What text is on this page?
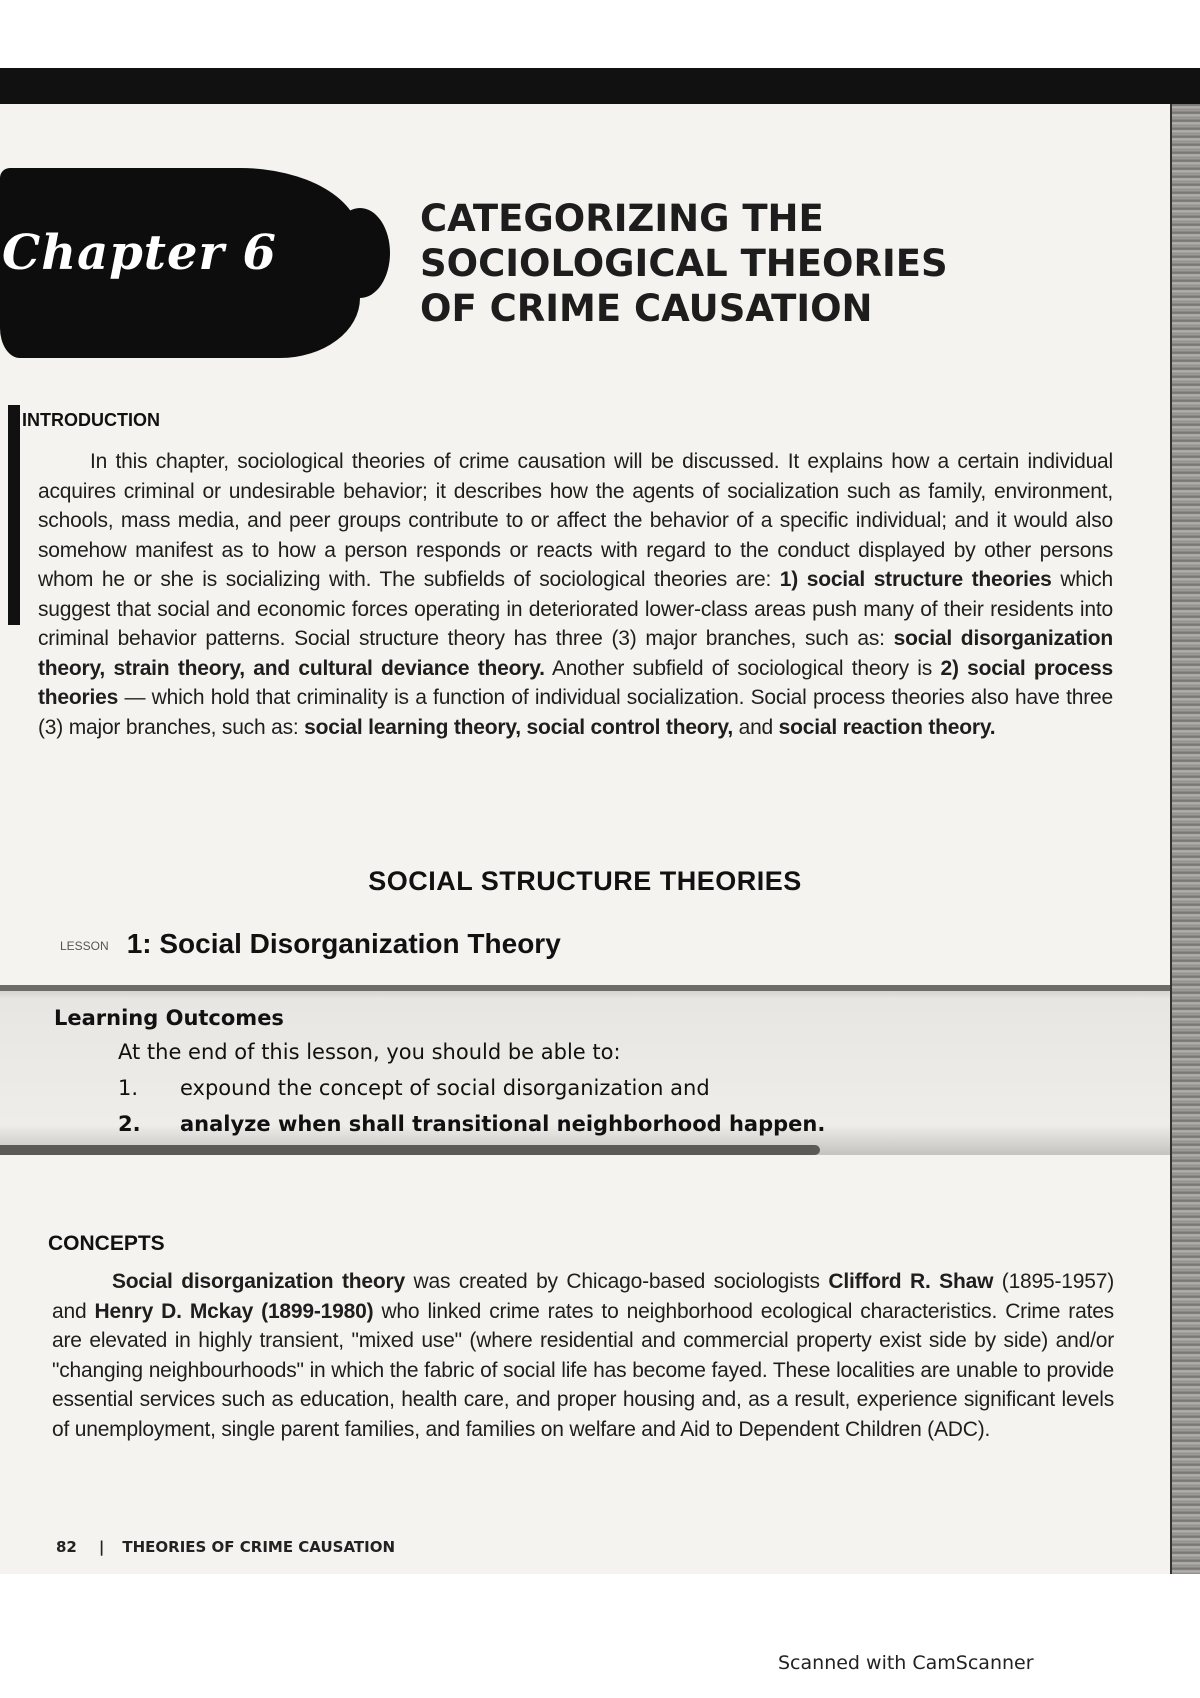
Chapter 6
CATEGORIZING THE
SOCIOLOGICAL THEORIES
OF CRIME CAUSATION
INTRODUCTION
In this chapter, sociological theories of crime causation will be discussed. It explains how a certain individual acquires criminal or undesirable behavior; it describes how the agents of socialization such as family, environment, schools, mass media, and peer groups contribute to or affect the behavior of a specific individual; and it would also somehow manifest as to how a person responds or reacts with regard to the conduct displayed by other persons whom he or she is socializing with. The subfields of sociological theories are: 1) social structure theories which suggest that social and economic forces operating in deteriorated lower-class areas push many of their residents into criminal behavior patterns. Social structure theory has three (3) major branches, such as: social disorganization theory, strain theory, and cultural deviance theory. Another subfield of sociological theory is 2) social process theories — which hold that criminality is a function of individual socialization. Social process theories also have three (3) major branches, such as: social learning theory, social control theory, and social reaction theory.
SOCIAL STRUCTURE THEORIES
LESSON 1: Social Disorganization Theory
Learning Outcomes
At the end of this lesson, you should be able to:
1. expound the concept of social disorganization and
2. analyze when shall transitional neighborhood happen.
CONCEPTS
Social disorganization theory was created by Chicago-based sociologists Clifford R. Shaw (1895-1957) and Henry D. Mckay (1899-1980) who linked crime rates to neighborhood ecological characteristics. Crime rates are elevated in highly transient, "mixed use" (where residential and commercial property exist side by side) and/or "changing neighbourhoods" in which the fabric of social life has become fayed. These localities are unable to provide essential services such as education, health care, and proper housing and, as a result, experience significant levels of unemployment, single parent families, and families on welfare and Aid to Dependent Children (ADC).
82 | THEORIES OF CRIME CAUSATION
Scanned with CamScanner
